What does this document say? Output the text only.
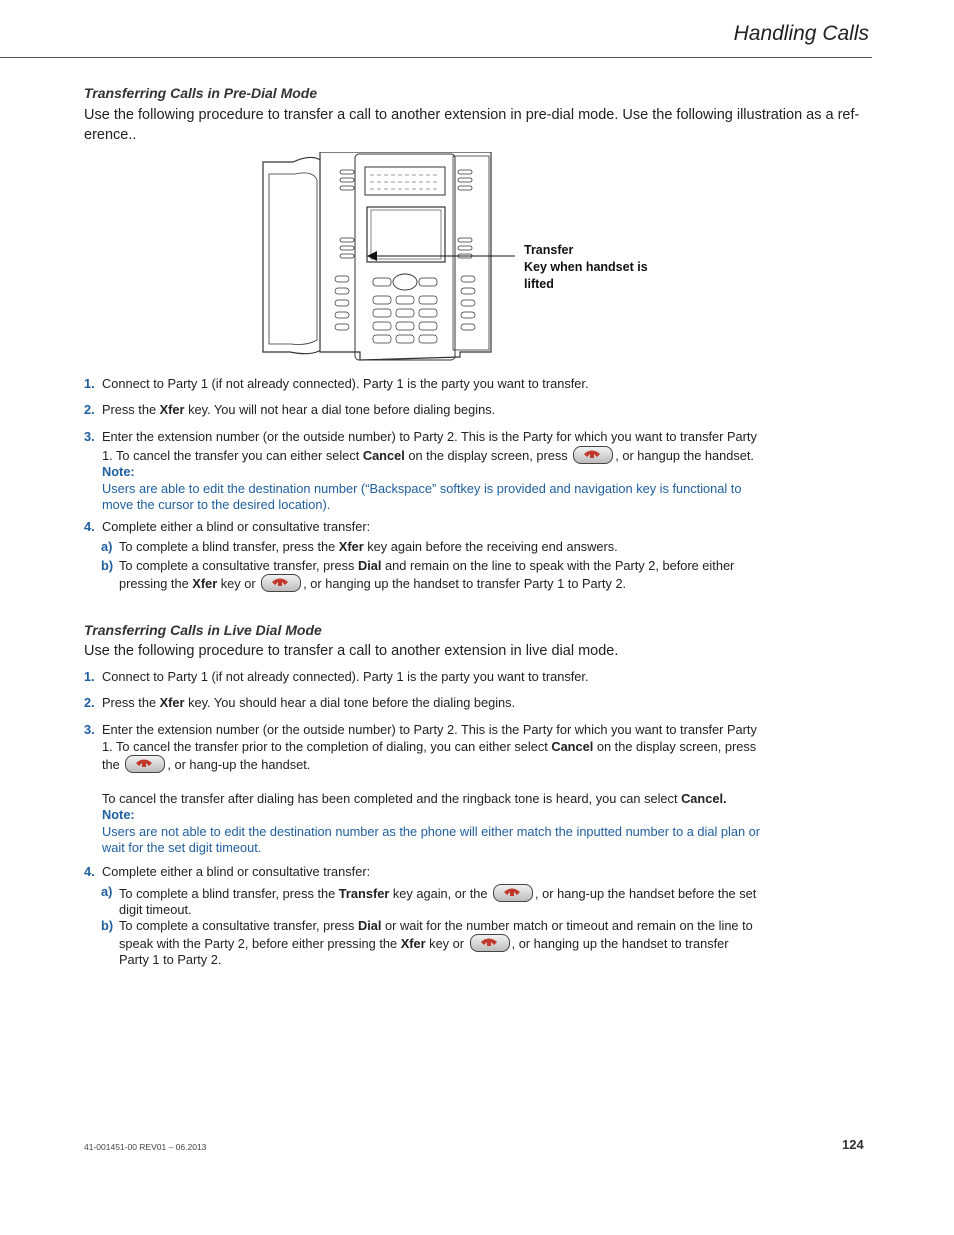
Handling Calls
Transferring Calls in Pre-Dial Mode
Use the following procedure to transfer a call to another extension in pre-dial mode. Use the following illustration as a ref-erence..
Transfer
Key when handset is
lifted
1. Connect to Party 1 (if not already connected). Party 1 is the party you want to transfer.
2. Press the Xfer key. You will not hear a dial tone before dialing begins.
3. Enter the extension number (or the outside number) to Party 2. This is the Party for which you want to transfer Party 1. To cancel the transfer you can either select Cancel on the display screen, press	, or hangup the handset.
Note:
Users are able to edit the destination number (“Backspace” softkey is provided and navigation key is functional to move the cursor to the desired location).
4. Complete either a blind or consultative transfer:
a) To complete a blind transfer, press the Xfer key again before the receiving end answers.
b) To complete a consultative transfer, press Dial and remain on the line to speak with the Party 2, before either pressing the Xfer key or	, or hanging up the handset to transfer Party 1 to Party 2.
Transferring Calls in Live Dial Mode
Use the following procedure to transfer a call to another extension in live dial mode.
1. Connect to Party 1 (if not already connected). Party 1 is the party you want to transfer.
2. Press the Xfer key. You should hear a dial tone before the dialing begins.
3. Enter the extension number (or the outside number) to Party 2. This is the Party for which you want to transfer Party 1. To cancel the transfer prior to the completion of dialing, you can either select Cancel on the display screen, press the	, or hang-up the handset.
To cancel the transfer after dialing has been completed and the ringback tone is heard, you can select Cancel.
Note:
Users are not able to edit the destination number as the phone will either match the inputted number to a dial plan or wait for the set digit timeout.
4. Complete either a blind or consultative transfer:
a) To complete a blind transfer, press the Transfer key again, or the	, or hang-up the handset before the set digit timeout.
b) To complete a consultative transfer, press Dial or wait for the number match or timeout and remain on the line to speak with the Party 2, before either pressing the Xfer key or	, or hanging up the handset to transfer Party 1 to Party 2.
41-001451-00 REV01 – 06.2013	124
